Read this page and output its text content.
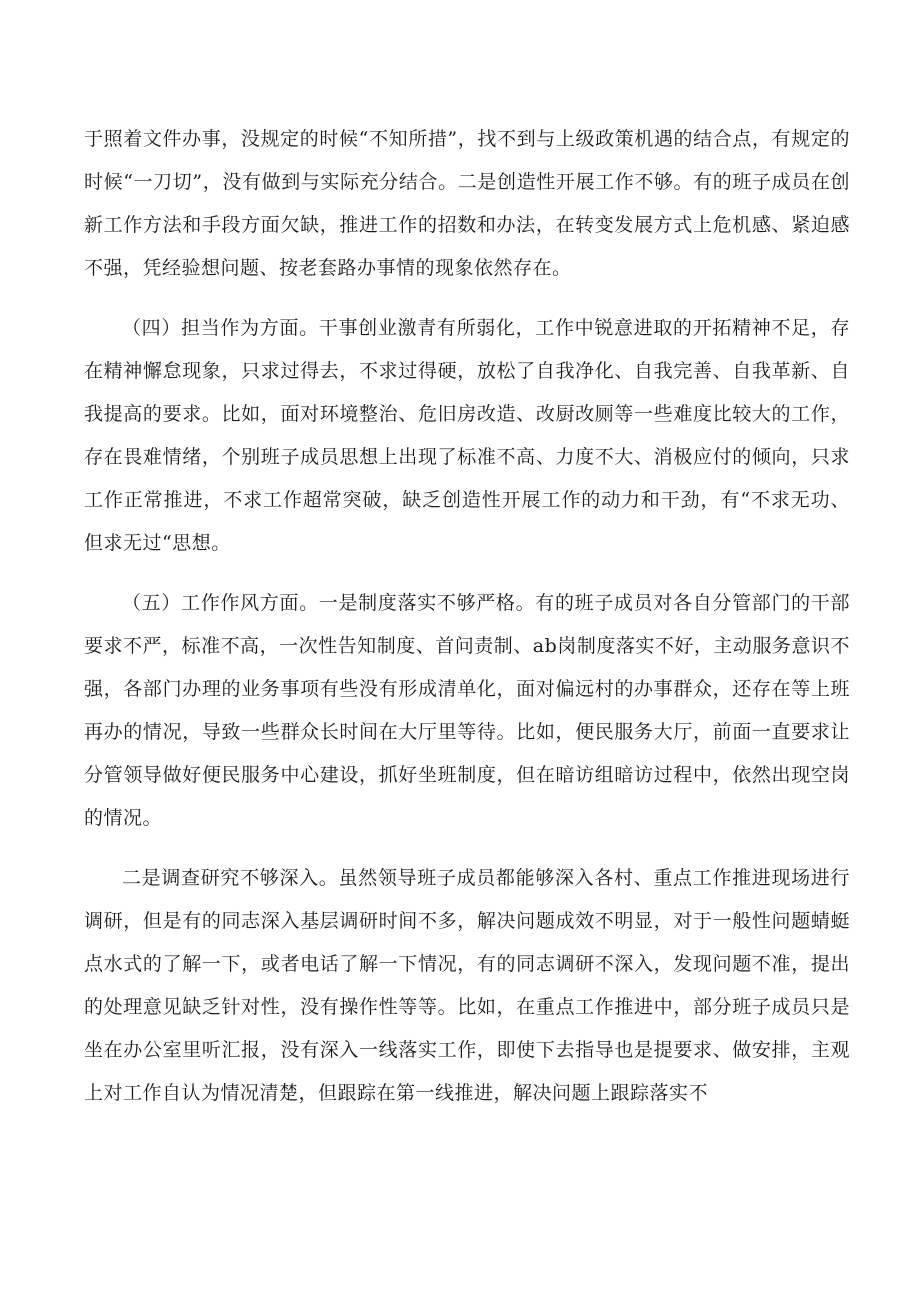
于照着文件办事，没规定的时候“不知所措”，找不到与上级政策机遇的结合点，有规定的时候“一刀切”，没有做到与实际充分结合。二是创造性开展工作不够。有的班子成员在创新工作方法和手段方面欠缺，推进工作的招数和办法，在转变发展方式上危机感、紧迫感不强，凭经验想问题、按老套路办事情的现象依然存在。

（四）担当作为方面。干事创业激青有所弱化，工作中锐意进取的开拓精神不足，存在精神懈怠现象，只求过得去，不求过得硬，放松了自我净化、自我完善、自我革新、自我提高的要求。比如，面对环境整治、危旧房改造、改厨改厕等一些难度比较大的工作，存在畏难情绪，个别班子成员思想上出现了标准不高、力度不大、消极应付的倾向，只求工作正常推进，不求工作超常突破，缺乏创造性开展工作的动力和干劲，有“不求无功、但求无过“思想。

（五）工作作风方面。一是制度落实不够严格。有的班子成员对各自分管部门的干部要求不严，标准不高，一次性告知制度、首问责制、ab岗制度落实不好，主动服务意识不强，各部门办理的业务事项有些没有形成清单化，面对偏远村的办事群众，还存在等上班再办的情况，导致一些群众长时间在大厅里等待。比如，便民服务大厅，前面一直要求让分管领导做好便民服务中心建设，抓好坐班制度，但在暗访组暗访过程中，依然出现空岗的情况。

二是调查研究不够深入。虽然领导班子成员都能够深入各村、重点工作推进现场进行调研，但是有的同志深入基层调研时间不多，解决问题成效不明显，对于一般性问题蜻蜓点水式的了解一下，或者电话了解一下情况，有的同志调研不深入，发现问题不准，提出的处理意见缺乏针对性，没有操作性等等。比如，在重点工作推进中，部分班子成员只是坐在办公室里听汇报，没有深入一线落实工作，即使下去指导也是提要求、做安排，主观上对工作自认为情况清楚，但跟踪在第一线推进，解决问题上跟踪落实不
